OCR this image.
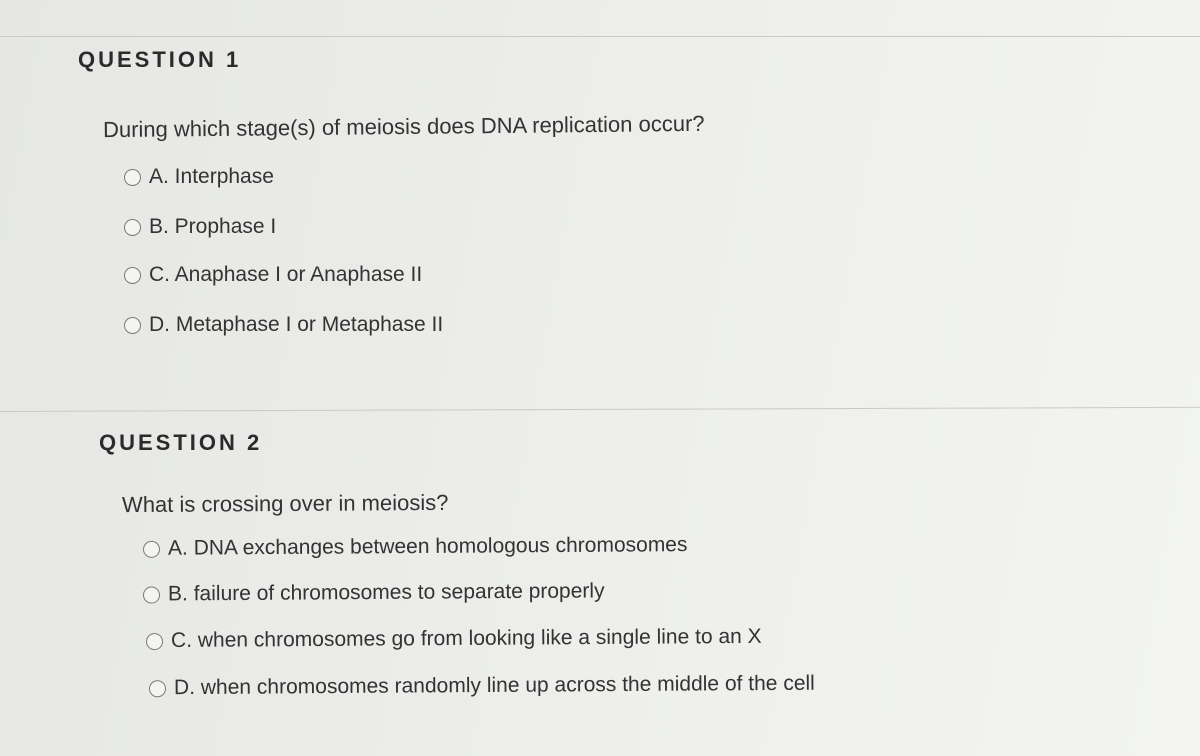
QUESTION 1
During which stage(s) of meiosis does DNA replication occur?
A. Interphase
B. Prophase I
C. Anaphase I or Anaphase II
D. Metaphase I or Metaphase II
QUESTION 2
What is crossing over in meiosis?
A. DNA exchanges between homologous chromosomes
B. failure of chromosomes to separate properly
C. when chromosomes go from looking like a single line to an X
D. when chromosomes randomly line up across the middle of the cell
